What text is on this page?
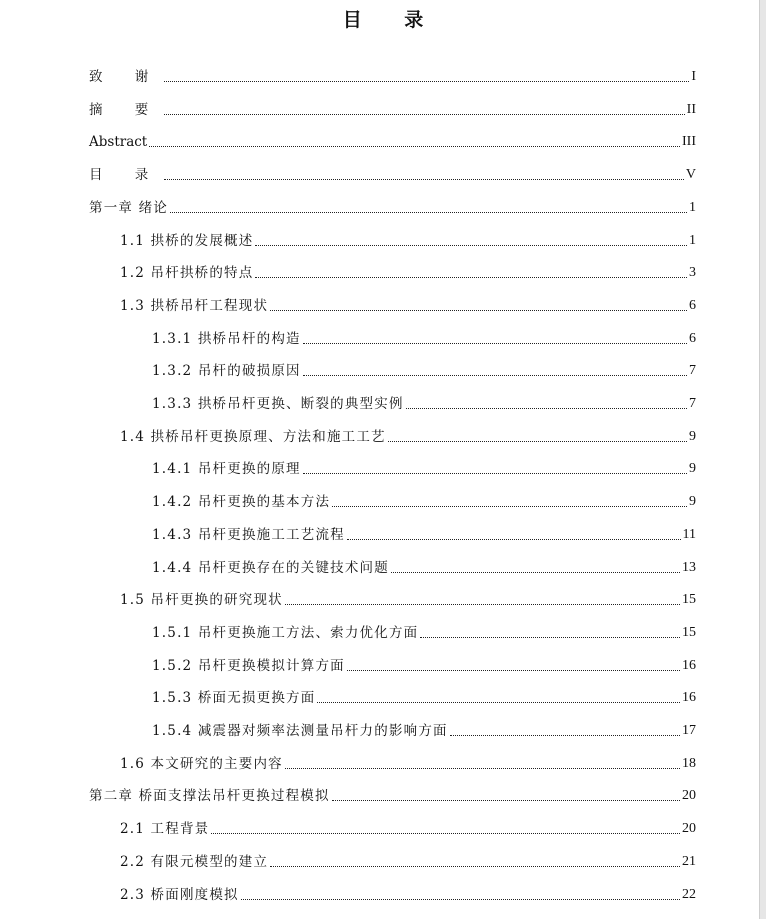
目 录
致 谢	I
摘 要	II
Abstract	III
目 录	V
第一章 绪论	1
1.1 拱桥的发展概述	1
1.2 吊杆拱桥的特点	3
1.3 拱桥吊杆工程现状	6
1.3.1 拱桥吊杆的构造	6
1.3.2 吊杆的破损原因	7
1.3.3 拱桥吊杆更换、断裂的典型实例	7
1.4 拱桥吊杆更换原理、方法和施工工艺	9
1.4.1 吊杆更换的原理	9
1.4.2 吊杆更换的基本方法	9
1.4.3 吊杆更换施工工艺流程	11
1.4.4 吊杆更换存在的关键技术问题	13
1.5 吊杆更换的研究现状	15
1.5.1 吊杆更换施工方法、索力优化方面	15
1.5.2 吊杆更换模拟计算方面	16
1.5.3 桥面无损更换方面	16
1.5.4 减震器对频率法测量吊杆力的影响方面	17
1.6 本文研究的主要内容	18
第二章 桥面支撑法吊杆更换过程模拟	20
2.1 工程背景	20
2.2 有限元模型的建立	21
2.3 桥面刚度模拟	22
